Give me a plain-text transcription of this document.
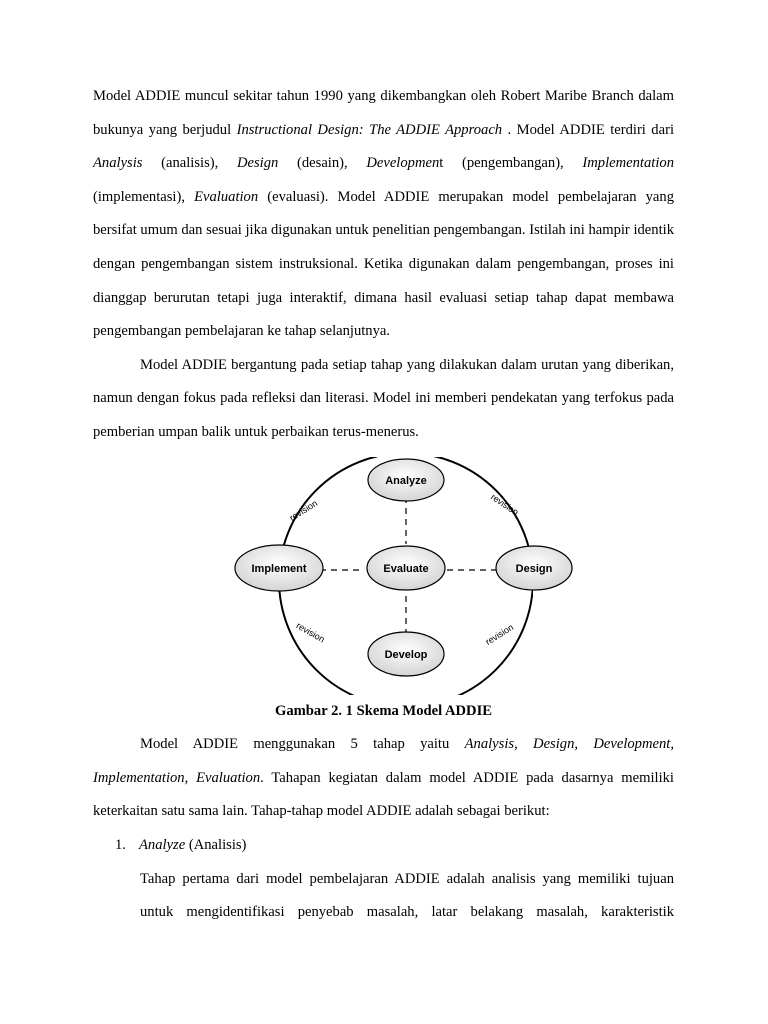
Model ADDIE muncul sekitar tahun 1990 yang dikembangkan oleh Robert Maribe Branch dalam bukunya yang berjudul Instructional Design: The ADDIE Approach . Model ADDIE terdiri dari Analysis (analisis), Design (desain), Development (pengembangan), Implementation (implementasi), Evaluation (evaluasi). Model ADDIE merupakan model pembelajaran yang bersifat umum dan sesuai jika digunakan untuk penelitian pengembangan. Istilah ini hampir identik dengan pengembangan sistem instruksional. Ketika digunakan dalam pengembangan, proses ini dianggap berurutan tetapi juga interaktif, dimana hasil evaluasi setiap tahap dapat membawa pengembangan pembelajaran ke tahap selanjutnya.

Model ADDIE bergantung pada setiap tahap yang dilakukan dalam urutan yang diberikan, namun dengan fokus pada refleksi dan literasi. Model ini memberi pendekatan yang terfokus pada pemberian umpan balik untuk perbaikan terus-menerus.

Analyze
Implement	Evaluate	Design
Develop
revision	revision
revision	revision
Gambar 2. 1 Skema Model ADDIE

Model ADDIE menggunakan 5 tahap yaitu Analysis, Design, Development, Implementation, Evaluation. Tahapan kegiatan dalam model ADDIE pada dasarnya memiliki keterkaitan satu sama lain. Tahap-tahap model ADDIE adalah sebagai berikut:

1. Analyze (Analisis)

Tahap pertama dari model pembelajaran ADDIE adalah analisis yang memiliki tujuan untuk mengidentifikasi penyebab masalah, latar belakang masalah, karakteristik
